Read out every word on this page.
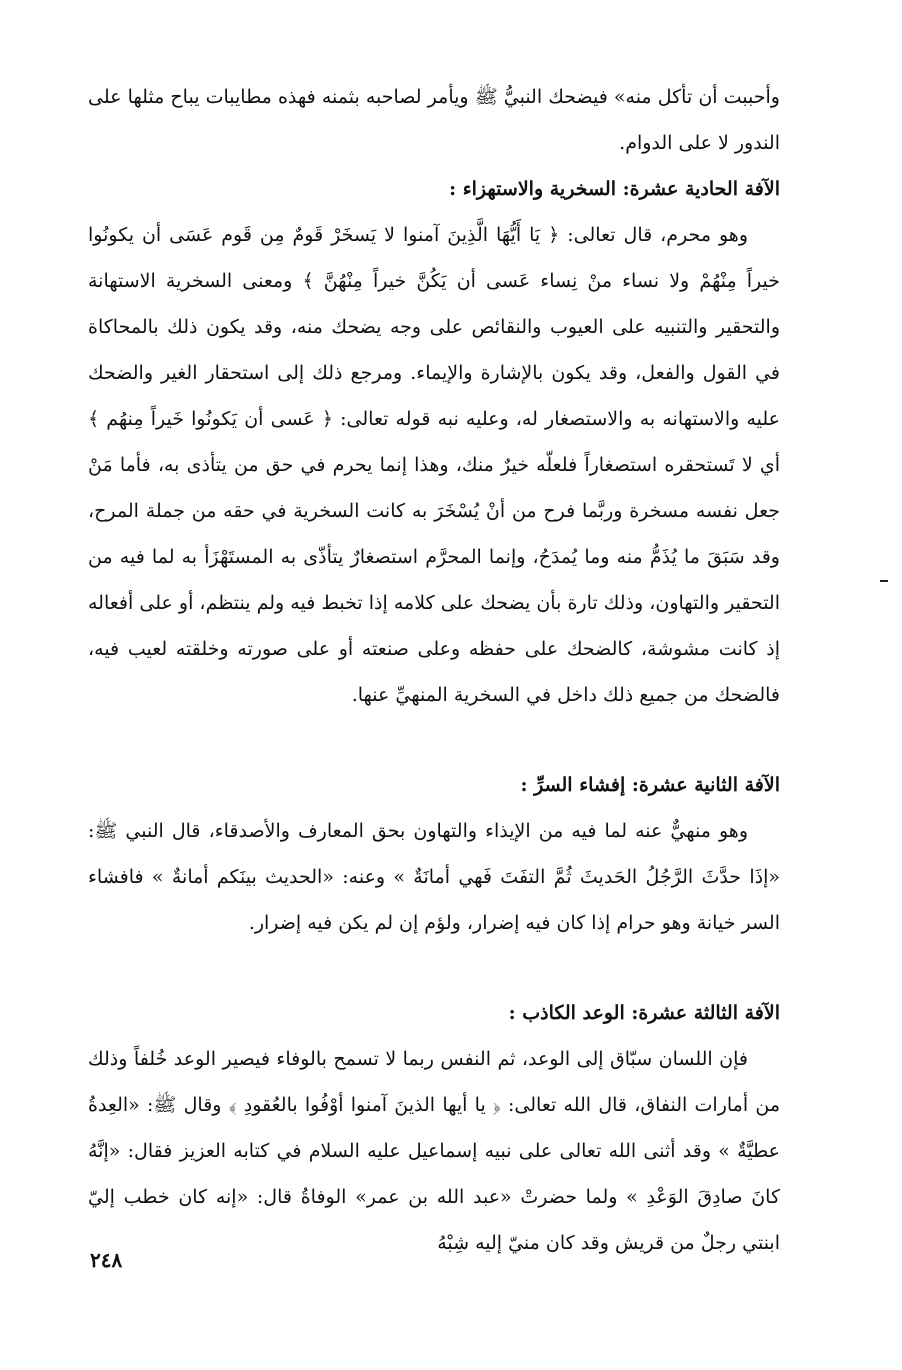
وأحببت أن تأكل منه» فيضحك النبيُّ ﷺ ويأمر لصاحبه بثمنه فهذه مطايبات يباح مثلها على الندور لا على الدوام.

الآفة الحادية عشرة: السخرية والاستهزاء :

وهو محرم، قال تعالى: ﴿ يَا أَيُّهَا الَّذِينَ آمنوا لا يَسخَرْ قَومٌ مِن قَوم عَسَى أن يكونُوا خيراً مِنْهُمْ ولا نساء منْ نِساء عَسى أن يَكُنَّ خيراً مِنْهُنَّ ﴾ ومعنى السخرية الاستهانة والتحقير والتنبيه على العيوب والنقائص على وجه يضحك منه، وقد يكون ذلك بالمحاكاة في القول والفعل، وقد يكون بالإشارة والإيماء. ومرجع ذلك إلى استحقار الغير والضحك عليه والاستهانه به والاستصغار له، وعليه نبه قوله تعالى: ﴿ عَسى أن يَكونُوا خَيراً مِنهُم ﴾ أي لا تَستحقره استصغاراً فلعلّه خيرٌ منك، وهذا إنما يحرم في حق من يتأذى به، فأما مَنْ جعل نفسه مسخرة وربَّما فرح من أنْ يُسْخَرَ به كانت السخرية في حقه من جملة المرح، وقد سَبَقَ ما يُذَمُّ منه وما يُمدَحُ، وإنما المحرَّم استصغارٌ يتأذّى به المستَهْزَأ به لما فيه من التحقير والتهاون، وذلك تارة بأن يضحك على كلامه إذا تخبط فيه ولم ينتظم، أو على أفعاله إذ كانت مشوشة، كالضحك على حفظه وعلى صنعته أو على صورته وخلقته لعيب فيه، فالضحك من جميع ذلك داخل في السخرية المنهيِّ عنها.

الآفة الثانية عشرة: إفشاء السرِّ :

وهو منهيٌّ عنه لما فيه من الإيذاء والتهاون بحق المعارف والأصدقاء، قال النبي ﷺ: «إذَا حدَّثَ الرَّجُلُ الحَديثَ ثُمَّ التفَتَ فَهي أمانَةٌ » وعنه: «الحديث بينَكم أمانةٌ » فافشاء السر خيانة وهو حرام إذا كان فيه إضرار، ولؤم إن لم يكن فيه إضرار.

الآفة الثالثة عشرة: الوعد الكاذب :

فإن اللسان سبّاق إلى الوعد، ثم النفس ربما لا تسمح بالوفاء فيصير الوعد خُلفاً وذلك من أمارات النفاق، قال الله تعالى: ﴿ يا أيها الذينَ آمنوا أوْفُوا بالعُقودِ ﴾ وقال ﷺ: «العِدةُ عطيَّةٌ » وقد أثنى الله تعالى على نبيه إسماعيل عليه السلام في كتابه العزيز فقال: «إنَّهُ كانَ صادِقَ الوَعْدِ » ولما حضرتْ «عبد الله بن عمر» الوفاةُ قال: «إنه كان خطب إليّ ابنتي رجلٌ من قريش وقد كان منيّ إليه شِبْهُ

٢٤٨
